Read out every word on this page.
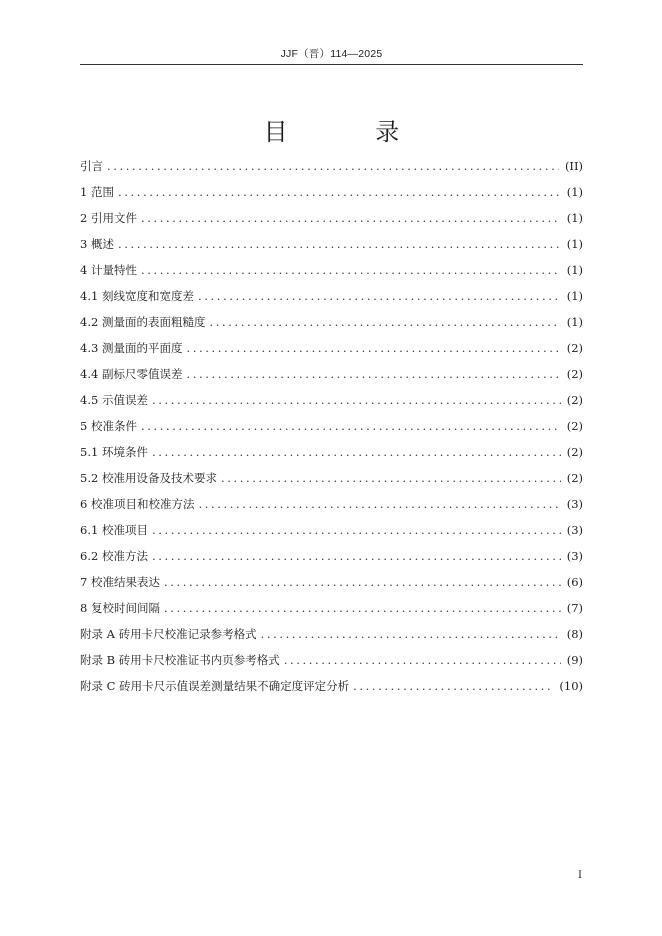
JJF（晋）114—2025
目 录
引言 .....	(II)
1 范围 .....	(1)
2 引用文件 .....	(1)
3 概述 .....	(1)
4 计量特性 .....	(1)
4.1 刻线宽度和宽度差 .....	(1)
4.2 测量面的表面粗糙度 .....	(1)
4.3 测量面的平面度 .....	(2)
4.4 副标尺零值误差 .....	(2)
4.5 示值误差 .....	(2)
5 校准条件 .....	(2)
5.1 环境条件 .....	(2)
5.2 校准用设备及技术要求 .....	(2)
6 校准项目和校准方法 .....	(3)
6.1 校准项目 .....	(3)
6.2 校准方法 .....	(3)
7 校准结果表达 .....	(6)
8 复校时间间隔 .....	(7)
附录 A 砖用卡尺校准记录参考格式 .....	(8)
附录 B 砖用卡尺校准证书内页参考格式 .....	(9)
附录 C 砖用卡尺示值误差测量结果不确定度评定分析 .....	(10)
I
